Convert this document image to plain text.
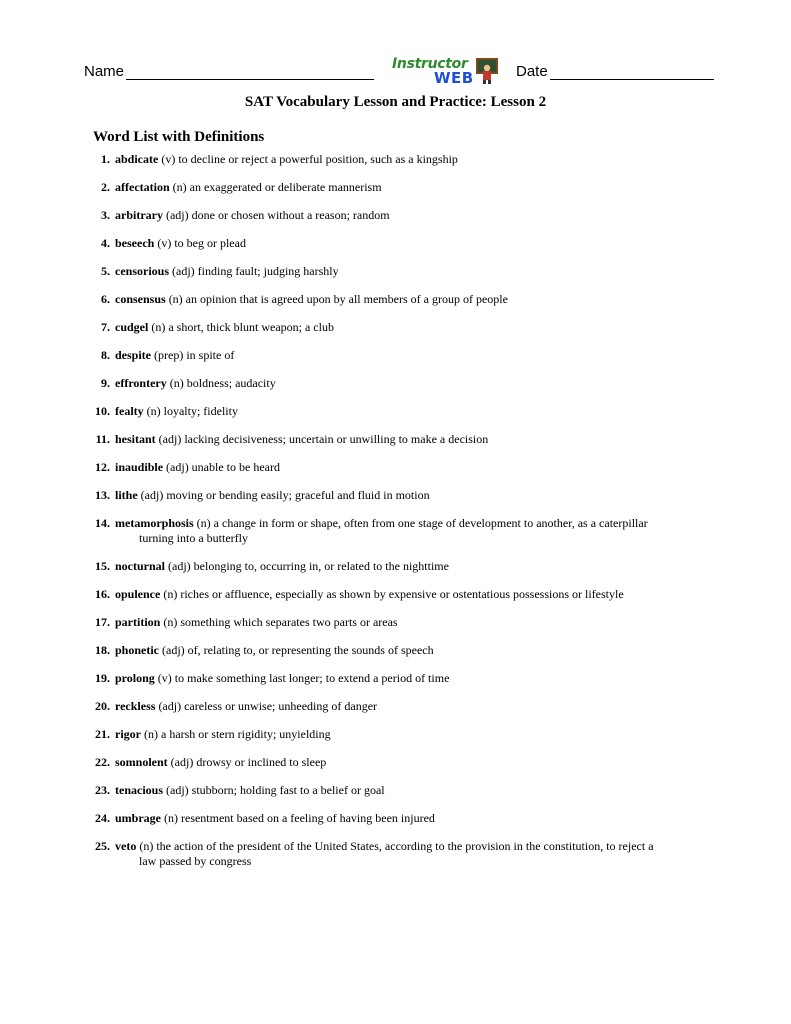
Name	Instructor
WEB	Date
SAT Vocabulary Lesson and Practice: Lesson 2
Word List with Definitions
1. abdicate (v) to decline or reject a powerful position, such as a kingship
2. affectation (n) an exaggerated or deliberate mannerism
3. arbitrary (adj) done or chosen without a reason; random
4. beseech (v) to beg or plead
5. censorious (adj) finding fault; judging harshly
6. consensus (n) an opinion that is agreed upon by all members of a group of people
7. cudgel (n) a short, thick blunt weapon; a club
8. despite (prep) in spite of
9. effrontery (n) boldness; audacity
10. fealty (n) loyalty; fidelity
11. hesitant (adj) lacking decisiveness; uncertain or unwilling to make a decision
12. inaudible (adj) unable to be heard
13. lithe (adj) moving or bending easily; graceful and fluid in motion
14. metamorphosis (n) a change in form or shape, often from one stage of development to another, as a caterpillar
turning into a butterfly
15. nocturnal (adj) belonging to, occurring in, or related to the nighttime
16. opulence (n) riches or affluence, especially as shown by expensive or ostentatious possessions or lifestyle
17. partition (n) something which separates two parts or areas
18. phonetic (adj) of, relating to, or representing the sounds of speech
19. prolong (v) to make something last longer; to extend a period of time
20. reckless (adj) careless or unwise; unheeding of danger
21. rigor (n) a harsh or stern rigidity; unyielding
22. somnolent (adj) drowsy or inclined to sleep
23. tenacious (adj) stubborn; holding fast to a belief or goal
24. umbrage (n) resentment based on a feeling of having been injured
25. veto (n) the action of the president of the United States, according to the provision in the constitution, to reject a
law passed by congress
